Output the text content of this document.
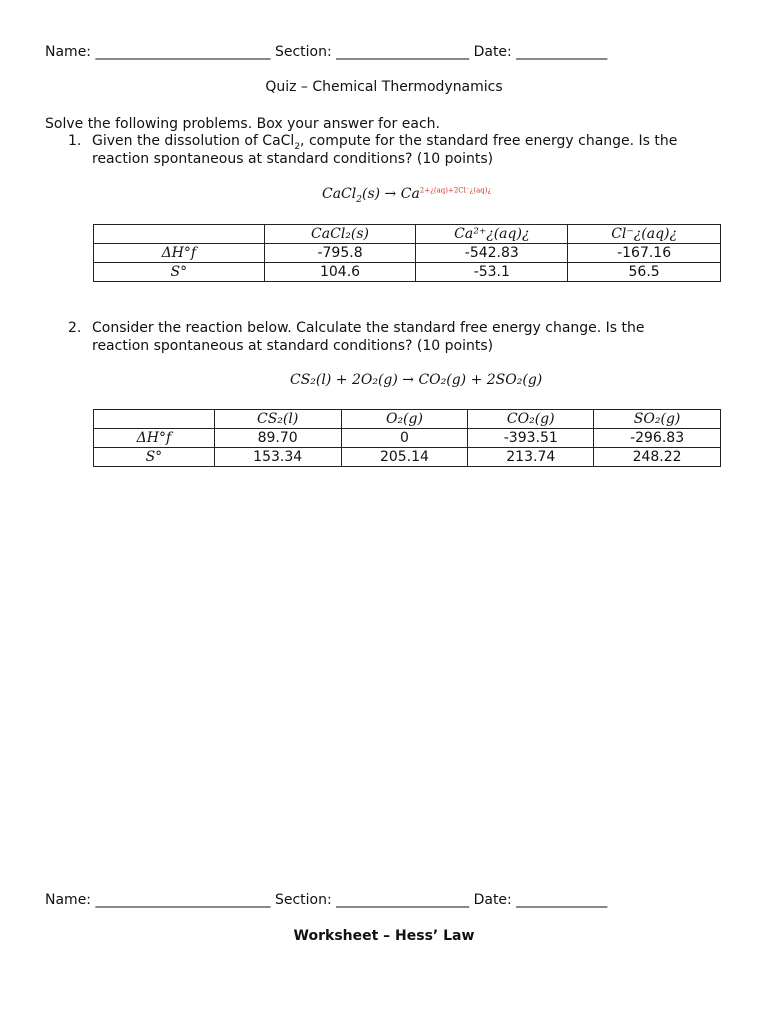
Name: _________________________ Section: ___________________ Date: _____________
Quiz – Chemical Thermodynamics
Solve the following problems. Box your answer for each.
1. Given the dissolution of CaCl$_2$, compute for the standard free energy change. Is the reaction spontaneous at standard conditions? (10 points)
CaCl$_2$(s) → $Ca^{2+¿(aq)+2Cl^-¿(aq)¿}$
	CaCl₂(s)	Ca²⁺¿(aq)¿	Cl⁻¿(aq)¿
ΔH°f	-795.8	-542.83	-167.16
S°	104.6	-53.1	56.5
2. Consider the reaction below. Calculate the standard free energy change. Is the reaction spontaneous at standard conditions? (10 points)
CS₂(l) + 2O₂(g) → CO₂(g) + 2SO₂(g)
	CS₂(l)	O₂(g)	CO₂(g)	SO₂(g)
ΔH°f	89.70	0	-393.51	-296.83
S°	153.34	205.14	213.74	248.22
Name: _________________________ Section: ___________________ Date: _____________
Worksheet – Hess’ Law
